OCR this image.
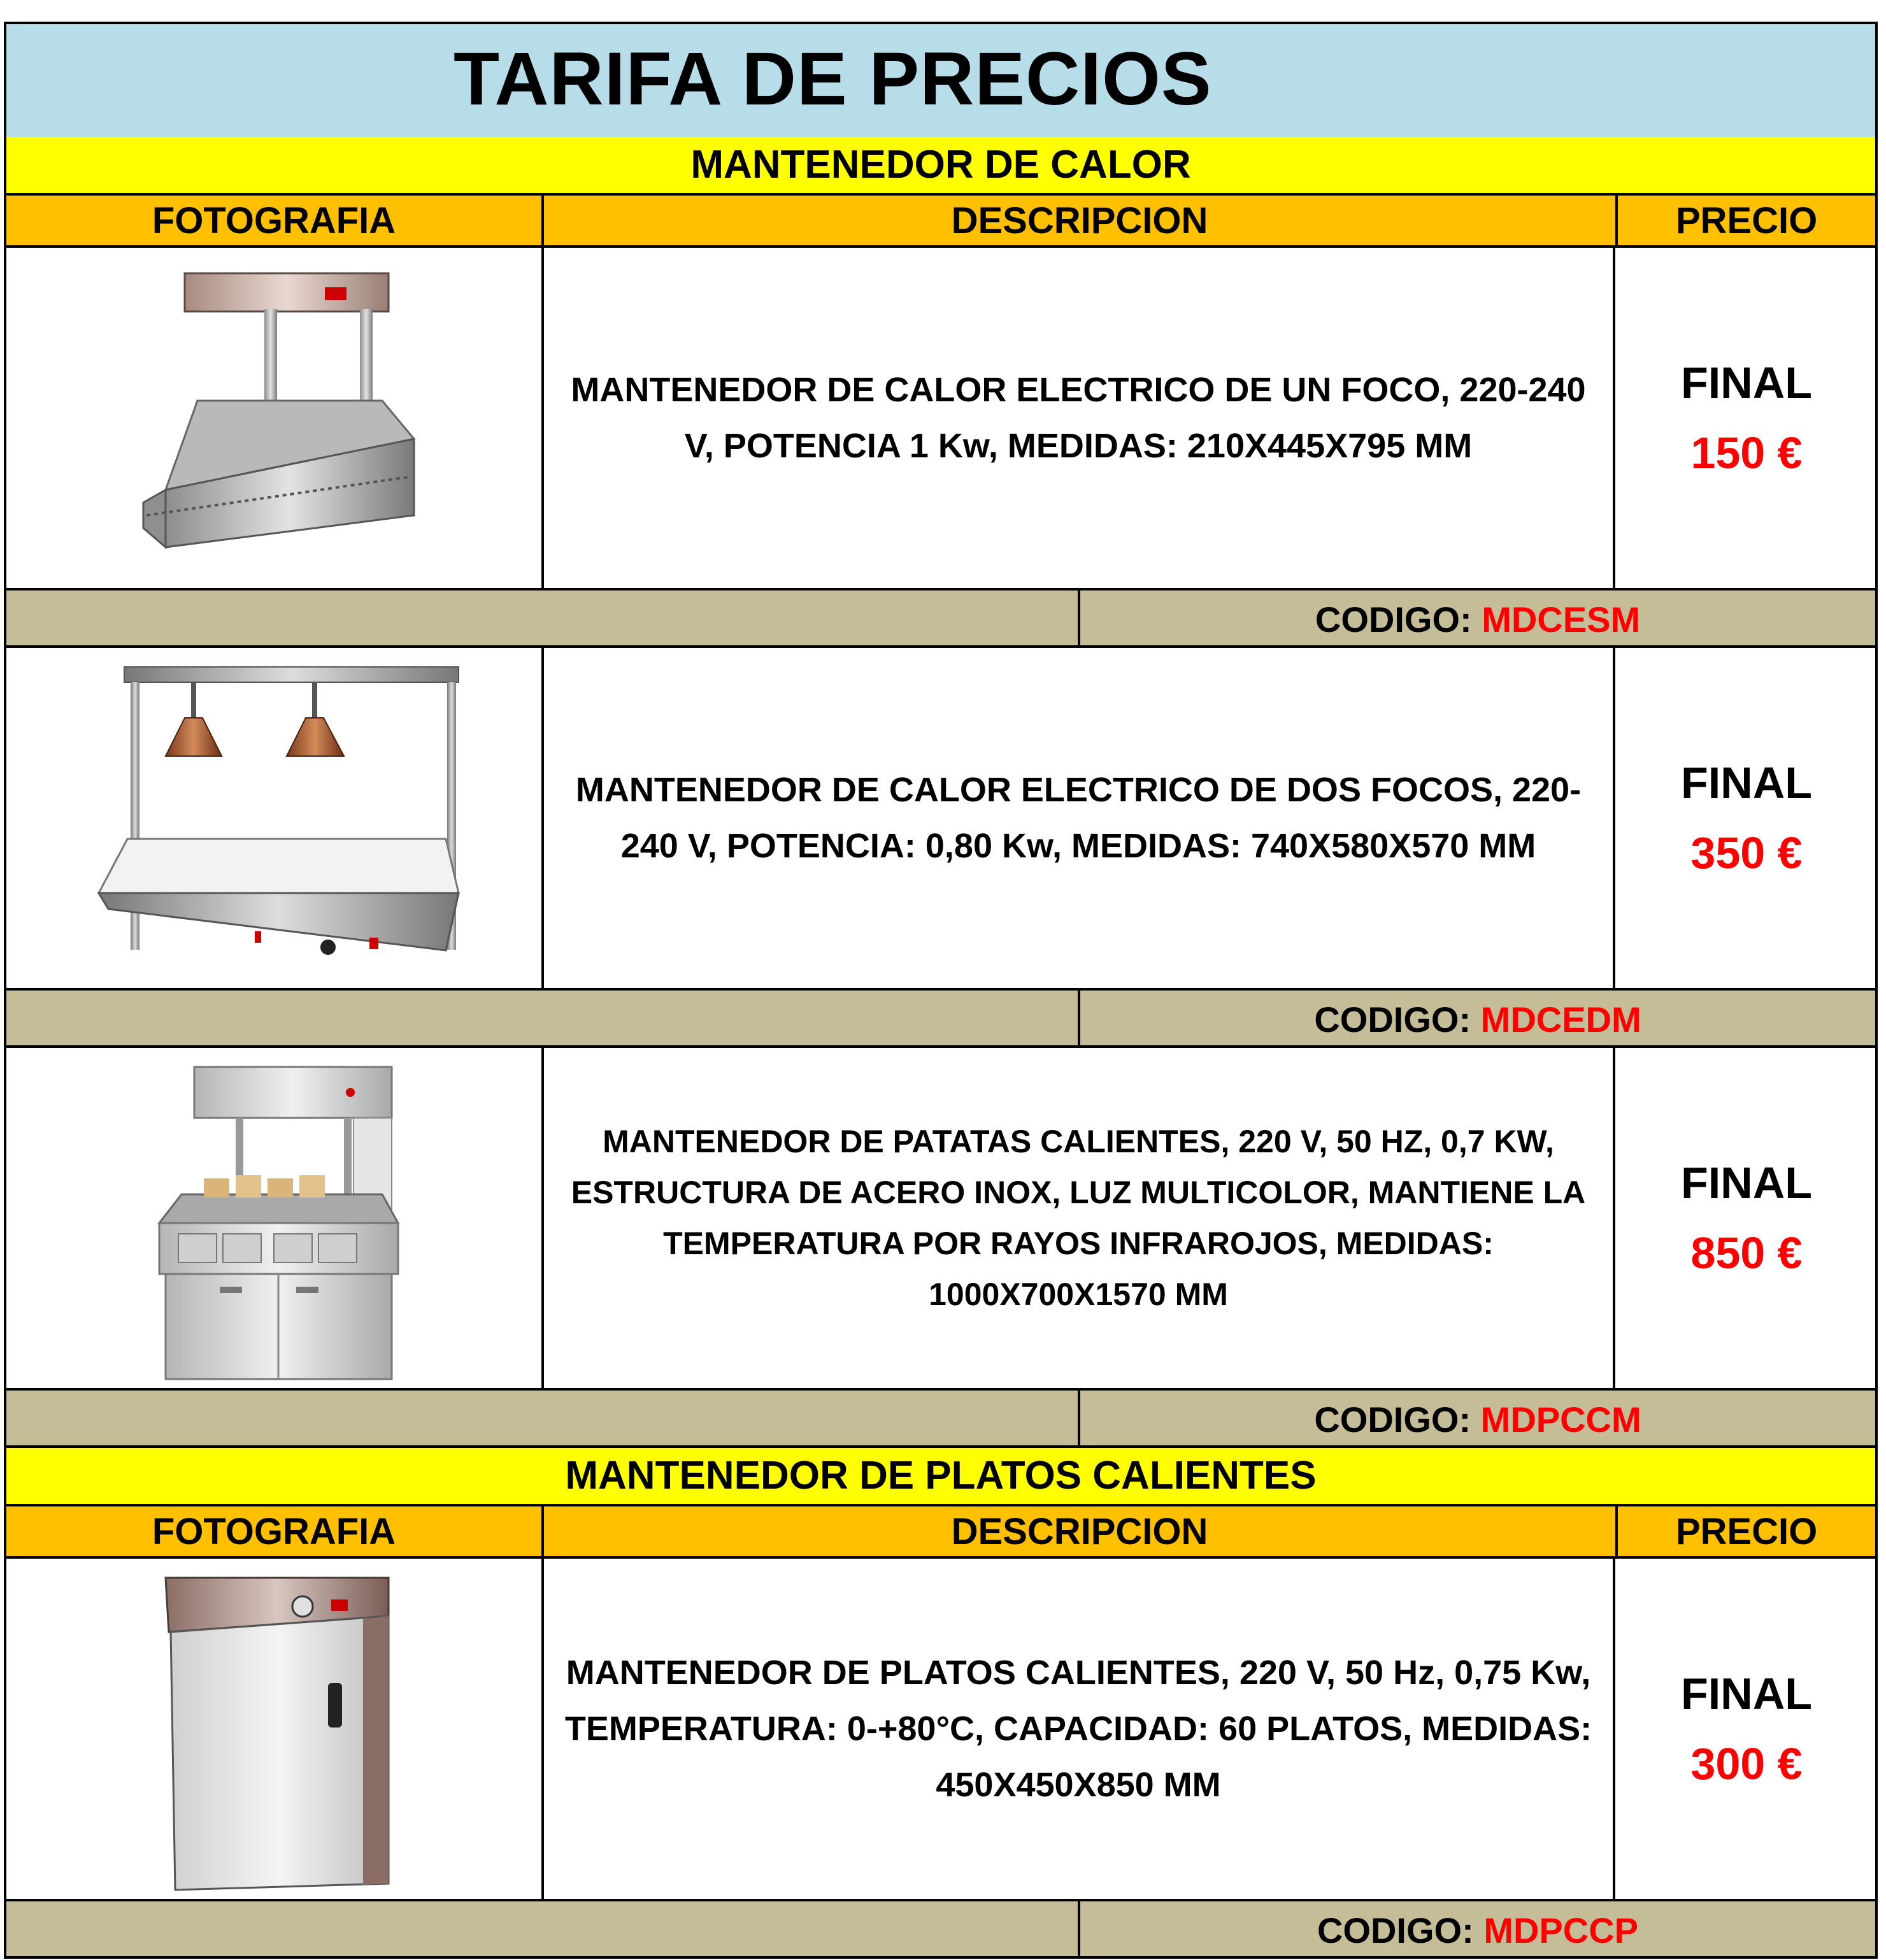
TARIFA DE PRECIOS
MANTENEDOR DE CALOR
FOTOGRAFIA	DESCRIPCION	PRECIO
MANTENEDOR DE CALOR ELECTRICO DE UN FOCO, 220-240 V, POTENCIA 1 Kw, MEDIDAS: 210X445X795 MM
FINAL
150 €
CODIGO: MDCESM
MANTENEDOR DE CALOR ELECTRICO DE DOS FOCOS, 220-240 V, POTENCIA: 0,80 Kw, MEDIDAS: 740X580X570 MM
FINAL
350 €
CODIGO: MDCEDM
MANTENEDOR DE PATATAS CALIENTES, 220 V, 50 HZ, 0,7 KW, ESTRUCTURA DE ACERO INOX, LUZ MULTICOLOR, MANTIENE LA TEMPERATURA POR RAYOS INFRAROJOS, MEDIDAS: 1000X700X1570 MM
FINAL
850 €
CODIGO: MDPCCM
MANTENEDOR DE PLATOS CALIENTES
FOTOGRAFIA	DESCRIPCION	PRECIO
MANTENEDOR DE PLATOS CALIENTES, 220 V, 50 Hz, 0,75 Kw, TEMPERATURA: 0-+80°C, CAPACIDAD: 60 PLATOS, MEDIDAS: 450X450X850 MM
FINAL
300 €
CODIGO: MDPCCP
